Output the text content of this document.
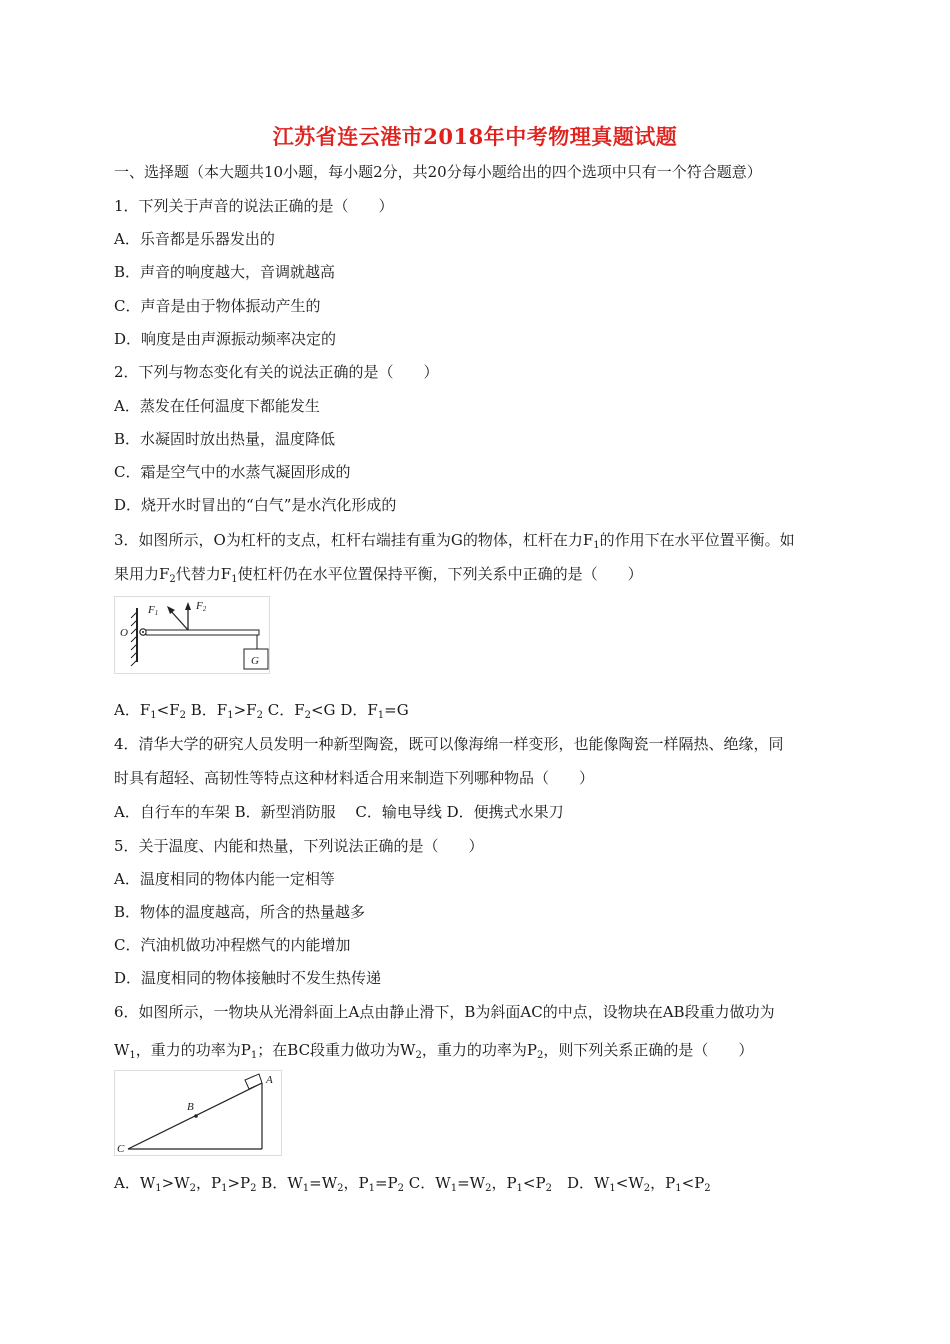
江苏省连云港市2018年中考物理真题试题
一、选择题（本大题共10小题，每小题2分，共20分每小题给出的四个选项中只有一个符合题意）
1．下列关于声音的说法正确的是（　　）
A．乐音都是乐器发出的
B．声音的响度越大，音调就越高
C．声音是由于物体振动产生的
D．响度是由声源振动频率决定的
2．下列与物态变化有关的说法正确的是（　　）
A．蒸发在任何温度下都能发生
B．水凝固时放出热量，温度降低
C．霜是空气中的水蒸气凝固形成的
D．烧开水时冒出的“白气”是水汽化形成的
3．如图所示，O为杠杆的支点，杠杆右端挂有重为G的物体，杠杆在力$F_1$的作用下在水平位置平衡。如
果用力$F_2$代替力$F_1$使杠杆仍在水平位置保持平衡，下列关系中正确的是（　　）
O
F1
F2
G
A．$F_1<F_2$ B．$F_1>F_2$ C．$F_2<G$ D．$F_1=G$
4．清华大学的研究人员发明一种新型陶瓷，既可以像海绵一样变形，也能像陶瓷一样隔热、绝缘，同
时具有超轻、高韧性等特点这种材料适合用来制造下列哪种物品（　　）
A．自行车的车架 B．新型消防服　 C．输电导线 D．便携式水果刀
5．关于温度、内能和热量，下列说法正确的是（　　）
A．温度相同的物体内能一定相等
B．物体的温度越高，所含的热量越多
C．汽油机做功冲程燃气的内能增加
D．温度相同的物体接触时不发生热传递
6．如图所示，一物块从光滑斜面上A点由静止滑下，B为斜面AC的中点，设物块在AB段重力做功为
$W_1$，重力的功率为$P_1$；在BC段重力做功为$W_2$，重力的功率为$P_2$，则下列关系正确的是（　　）
A
B
C
A．$W_1>W_2$，$P_1>P_2$ B．$W_1=W_2$，$P_1=P_2$ C．$W_1=W_2$，$P_1<P_2$　D．$W_1<W_2$，$P_1<P_2$
